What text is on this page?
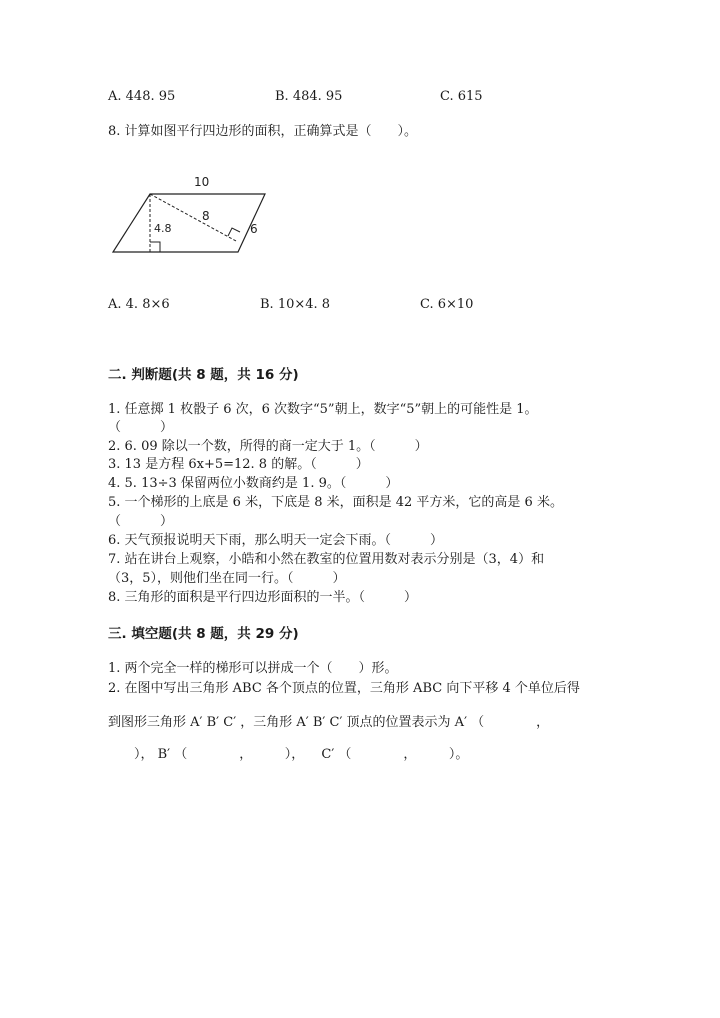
A. 448. 95	B. 484. 95	C. 615
8. 计算如图平行四边形的面积，正确算式是（　　）。
10
8
6
4.8
A. 4. 8×6	B. 10×4. 8	C. 6×10
二. 判断题(共 8 题，共 16 分)
1. 任意掷 1 枚骰子 6 次，6 次数字“5”朝上，数字“5”朝上的可能性是 1。
（　　　）
2. 6. 09 除以一个数，所得的商一定大于 1。（　　　）
3. 13 是方程 6x+5=12. 8 的解。（　　　）
4. 5. 13÷3 保留两位小数商约是 1. 9。（　　　）
5. 一个梯形的上底是 6 米，下底是 8 米，面积是 42 平方米，它的高是 6 米。
（　　　）
6. 天气预报说明天下雨，那么明天一定会下雨。（　　　）
7. 站在讲台上观察，小皓和小然在教室的位置用数对表示分别是（3，4）和
（3，5），则他们坐在同一行。（　　　）
8. 三角形的面积是平行四边形面积的一半。（　　　）
三. 填空题(共 8 题，共 29 分)
1. 两个完全一样的梯形可以拼成一个（　　）形。
2. 在图中写出三角形 ABC 各个顶点的位置，三角形 ABC 向下平移 4 个单位后得
到图形三角形 A′ B′ C′ ，三角形 A′ B′ C′ 顶点的位置表示为 A′ （　　　　，
　　）， B′ （　　　　，　　　）， 　C′ （　　　　，　　　）。
